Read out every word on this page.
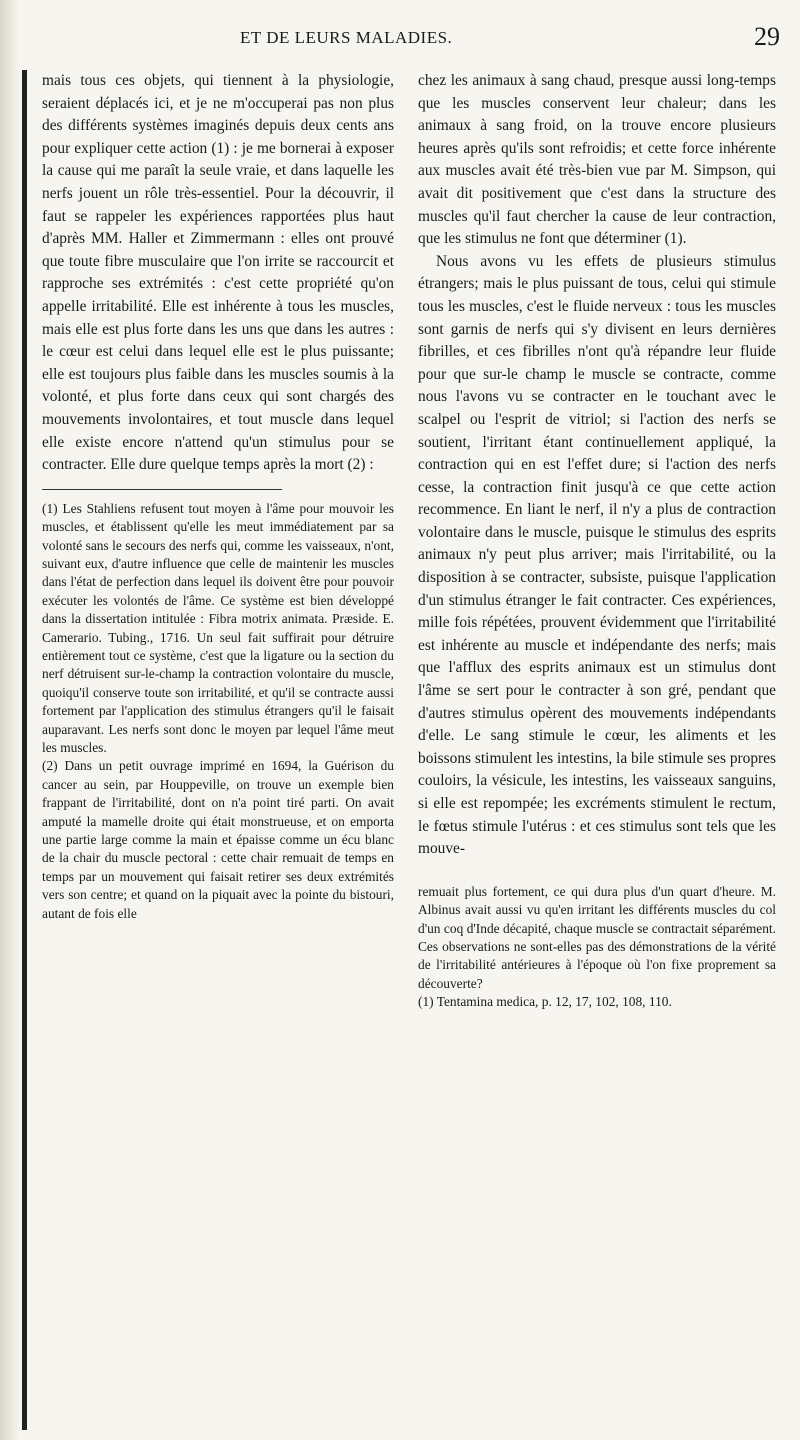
ET DE LEURS MALADIES.	29

mais tous ces objets, qui tiennent à la physiologie, seraient déplacés ici, et je ne m'occuperai pas non plus des différents systèmes imaginés depuis deux cents ans pour expliquer cette action (1) : je me bornerai à exposer la cause qui me paraît la seule vraie, et dans laquelle les nerfs jouent un rôle très-essentiel. Pour la découvrir, il faut se rappeler les expériences rapportées plus haut d'après MM. Haller et Zimmermann : elles ont prouvé que toute fibre musculaire que l'on irrite se raccourcit et rapproche ses extrémités : c'est cette propriété qu'on appelle irritabilité. Elle est inhérente à tous les muscles, mais elle est plus forte dans les uns que dans les autres : le cœur est celui dans lequel elle est le plus puissante; elle est toujours plus faible dans les muscles soumis à la volonté, et plus forte dans ceux qui sont chargés des mouvements involontaires, et tout muscle dans lequel elle existe encore n'attend qu'un stimulus pour se contracter. Elle dure quelque temps après la mort (2) :

(1) Les Stahliens refusent tout moyen à l'âme pour mouvoir les muscles, et établissent qu'elle les meut immédiatement par sa volonté sans le secours des nerfs qui, comme les vaisseaux, n'ont, suivant eux, d'autre influence que celle de maintenir les muscles dans l'état de perfection dans lequel ils doivent être pour pouvoir exécuter les volontés de l'âme. Ce système est bien développé dans la dissertation intitulée : Fibra motrix animata. Præside. E. Camerario. Tubing., 1716. Un seul fait suffirait pour détruire entièrement tout ce système, c'est que la ligature ou la section du nerf détruisent sur-le-champ la contraction volontaire du muscle, quoiqu'il conserve toute son irritabilité, et qu'il se contracte aussi fortement par l'application des stimulus étrangers qu'il le faisait auparavant. Les nerfs sont donc le moyen par lequel l'âme meut les muscles.

(2) Dans un petit ouvrage imprimé en 1694, la Guérison du cancer au sein, par Houppeville, on trouve un exemple bien frappant de l'irritabilité, dont on n'a point tiré parti. On avait amputé la mamelle droite qui était monstrueuse, et on emporta une partie large comme la main et épaisse comme un écu blanc de la chair du muscle pectoral : cette chair remuait de temps en temps par un mouvement qui faisait retirer ses deux extrémités vers son centre; et quand on la piquait avec la pointe du bistouri, autant de fois elle

chez les animaux à sang chaud, presque aussi long-temps que les muscles conservent leur chaleur; dans les animaux à sang froid, on la trouve encore plusieurs heures après qu'ils sont refroidis; et cette force inhérente aux muscles avait été très-bien vue par M. Simpson, qui avait dit positivement que c'est dans la structure des muscles qu'il faut chercher la cause de leur contraction, que les stimulus ne font que déterminer (1).

Nous avons vu les effets de plusieurs stimulus étrangers; mais le plus puissant de tous, celui qui stimule tous les muscles, c'est le fluide nerveux : tous les muscles sont garnis de nerfs qui s'y divisent en leurs dernières fibrilles, et ces fibrilles n'ont qu'à répandre leur fluide pour que sur-le champ le muscle se contracte, comme nous l'avons vu se contracter en le touchant avec le scalpel ou l'esprit de vitriol; si l'action des nerfs se soutient, l'irritant étant continuellement appliqué, la contraction qui en est l'effet dure; si l'action des nerfs cesse, la contraction finit jusqu'à ce que cette action recommence. En liant le nerf, il n'y a plus de contraction volontaire dans le muscle, puisque le stimulus des esprits animaux n'y peut plus arriver; mais l'irritabilité, ou la disposition à se contracter, subsiste, puisque l'application d'un stimulus étranger le fait contracter. Ces expériences, mille fois répétées, prouvent évidemment que l'irritabilité est inhérente au muscle et indépendante des nerfs; mais que l'afflux des esprits animaux est un stimulus dont l'âme se sert pour le contracter à son gré, pendant que d'autres stimulus opèrent des mouvements indépendants d'elle. Le sang stimule le cœur, les aliments et les boissons stimulent les intestins, la bile stimule ses propres couloirs, la vésicule, les intestins, les vaisseaux sanguins, si elle est repompée; les excréments stimulent le rectum, le fœtus stimule l'utérus : et ces stimulus sont tels que les mouve-

remuait plus fortement, ce qui dura plus d'un quart d'heure. M. Albinus avait aussi vu qu'en irritant les différents muscles du col d'un coq d'Inde décapité, chaque muscle se contractait séparément. Ces observations ne sont-elles pas des démonstrations de la vérité de l'irritabilité antérieures à l'époque où l'on fixe proprement sa découverte?

(1) Tentamina medica, p. 12, 17, 102, 108, 110.
